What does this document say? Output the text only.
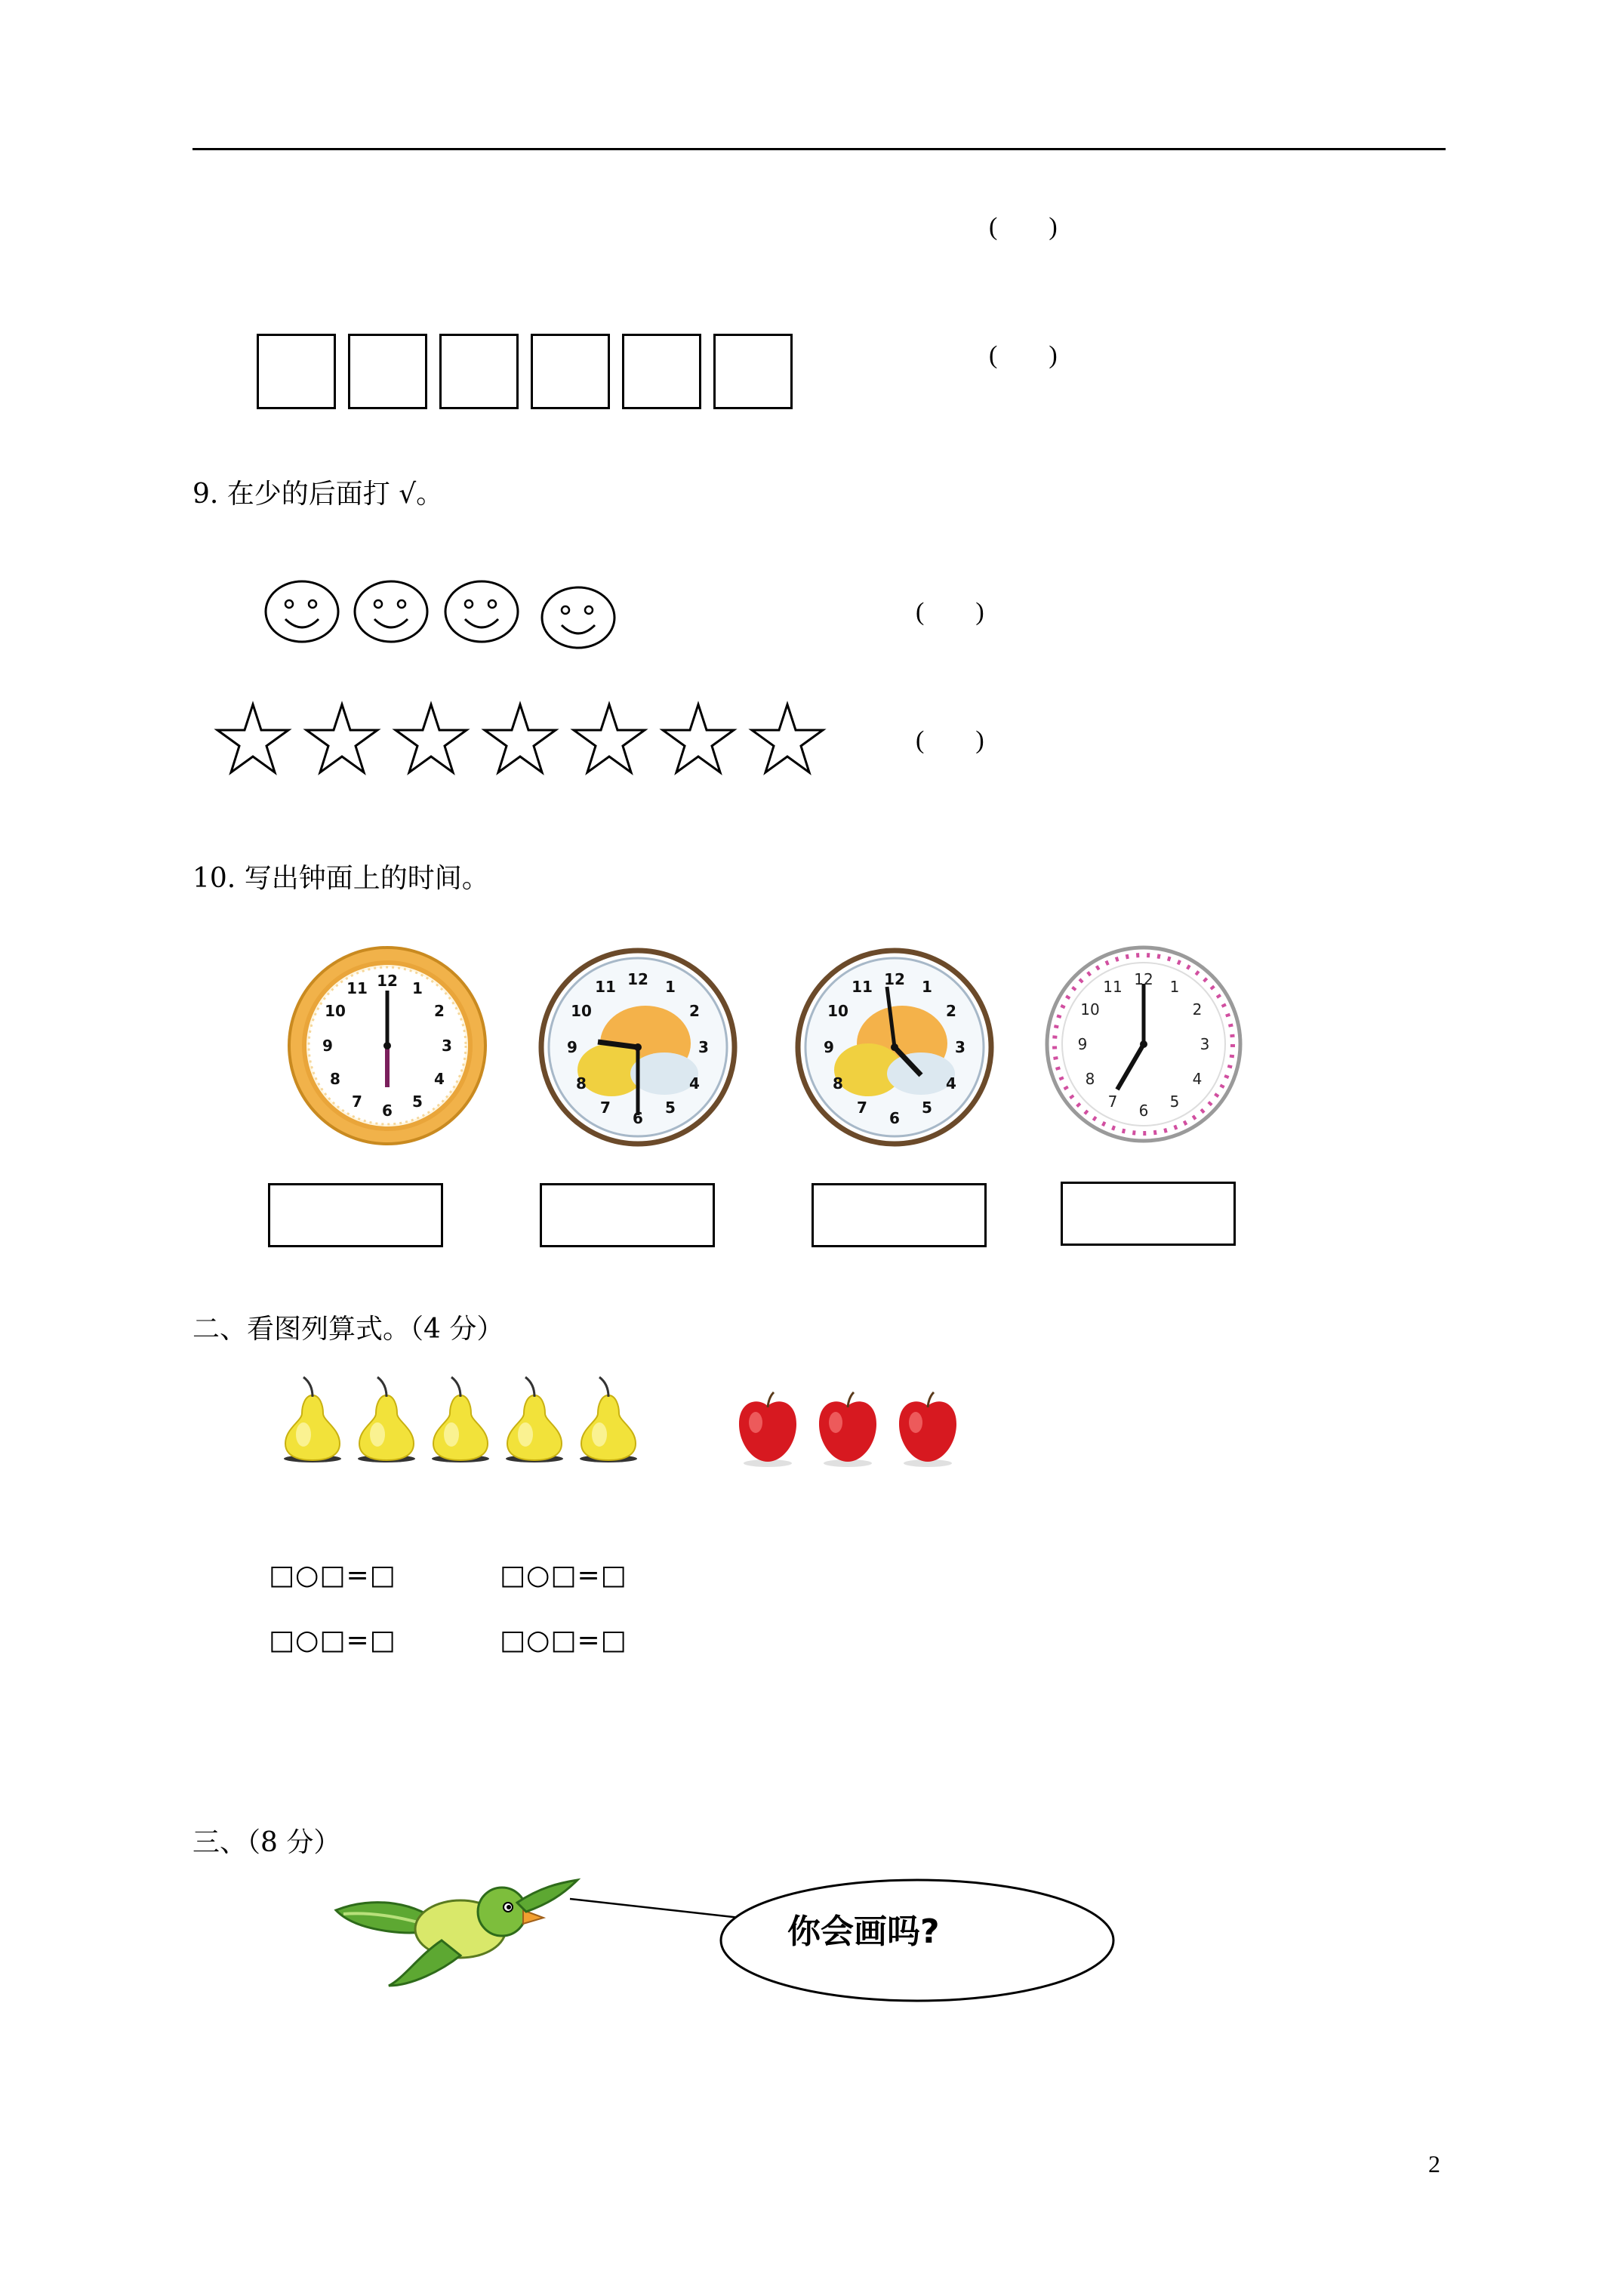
(        )
(        )
9. 在少的后面打 √。
(        )
(        )
10. 写出钟面上的时间。
12 1
2
3
4
5
6
7
8
9
10
11	12 1
2
3
4
5
6
7
8
9
10
11	12 1
2
3
4
5
6
7
8
9
10
11	12 1
2
3
4
5
6
7
8
9
10
11
二、看图列算式。（4 分）
□○□=□	□○□=□
□○□=□	□○□=□
三、（8 分）
你会画吗?
2
